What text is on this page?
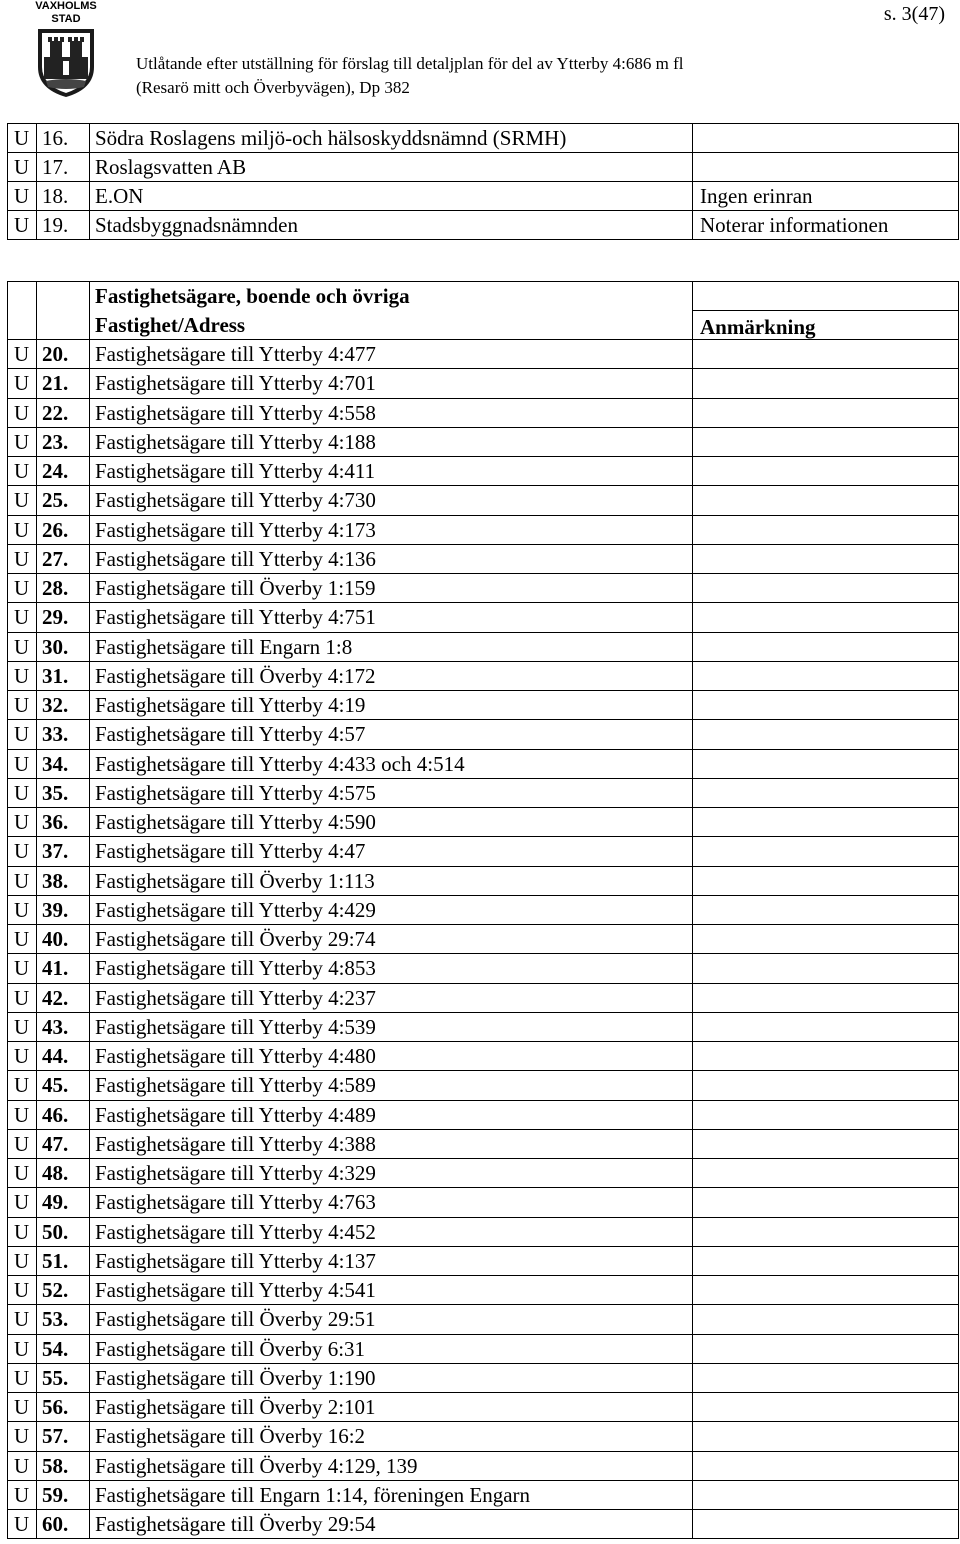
VAXHOLMS
STAD	s. 3(47)
Utlåtande efter utställning för förslag till detaljplan för del av Ytterby 4:686 m fl
(Resarö mitt och Överbyvägen), Dp 382
U	16.	Södra Roslagens miljö-och hälsoskyddsnämnd (SRMH)	
U	17.	Roslagsvatten AB	
U	18.	E.ON	Ingen erinran
U	19.	Stadsbyggnadsnämnden	Noterar informationen
		Fastighetsägare, boende och övriga	
		Fastighet/Adress	Anmärkning
U	20.	Fastighetsägare till Ytterby 4:477	
U	21.	Fastighetsägare till Ytterby 4:701	
U	22.	Fastighetsägare till Ytterby 4:558	
U	23.	Fastighetsägare till Ytterby 4:188	
U	24.	Fastighetsägare till Ytterby 4:411	
U	25.	Fastighetsägare till Ytterby 4:730	
U	26.	Fastighetsägare till Ytterby 4:173	
U	27.	Fastighetsägare till Ytterby 4:136	
U	28.	Fastighetsägare till Överby 1:159	
U	29.	Fastighetsägare till Ytterby 4:751	
U	30.	Fastighetsägare till Engarn 1:8	
U	31.	Fastighetsägare till Överby 4:172	
U	32.	Fastighetsägare till Ytterby 4:19	
U	33.	Fastighetsägare till Ytterby 4:57	
U	34.	Fastighetsägare till Ytterby 4:433 och 4:514	
U	35.	Fastighetsägare till Ytterby 4:575	
U	36.	Fastighetsägare till Ytterby 4:590	
U	37.	Fastighetsägare till Ytterby 4:47	
U	38.	Fastighetsägare till Överby 1:113	
U	39.	Fastighetsägare till Ytterby 4:429	
U	40.	Fastighetsägare till Överby 29:74	
U	41.	Fastighetsägare till Ytterby 4:853	
U	42.	Fastighetsägare till Ytterby 4:237	
U	43.	Fastighetsägare till Ytterby 4:539	
U	44.	Fastighetsägare till Ytterby 4:480	
U	45.	Fastighetsägare till Ytterby 4:589	
U	46.	Fastighetsägare till Ytterby 4:489	
U	47.	Fastighetsägare till Ytterby 4:388	
U	48.	Fastighetsägare till Ytterby 4:329	
U	49.	Fastighetsägare till Ytterby 4:763	
U	50.	Fastighetsägare till Ytterby 4:452	
U	51.	Fastighetsägare till Ytterby 4:137	
U	52.	Fastighetsägare till Ytterby 4:541	
U	53.	Fastighetsägare till Överby 29:51	
U	54.	Fastighetsägare till Överby 6:31	
U	55.	Fastighetsägare till Överby 1:190	
U	56.	Fastighetsägare till Överby 2:101	
U	57.	Fastighetsägare till Överby 16:2	
U	58.	Fastighetsägare till Överby 4:129, 139	
U	59.	Fastighetsägare till Engarn 1:14, föreningen Engarn	
U	60.	Fastighetsägare till Överby 29:54	
